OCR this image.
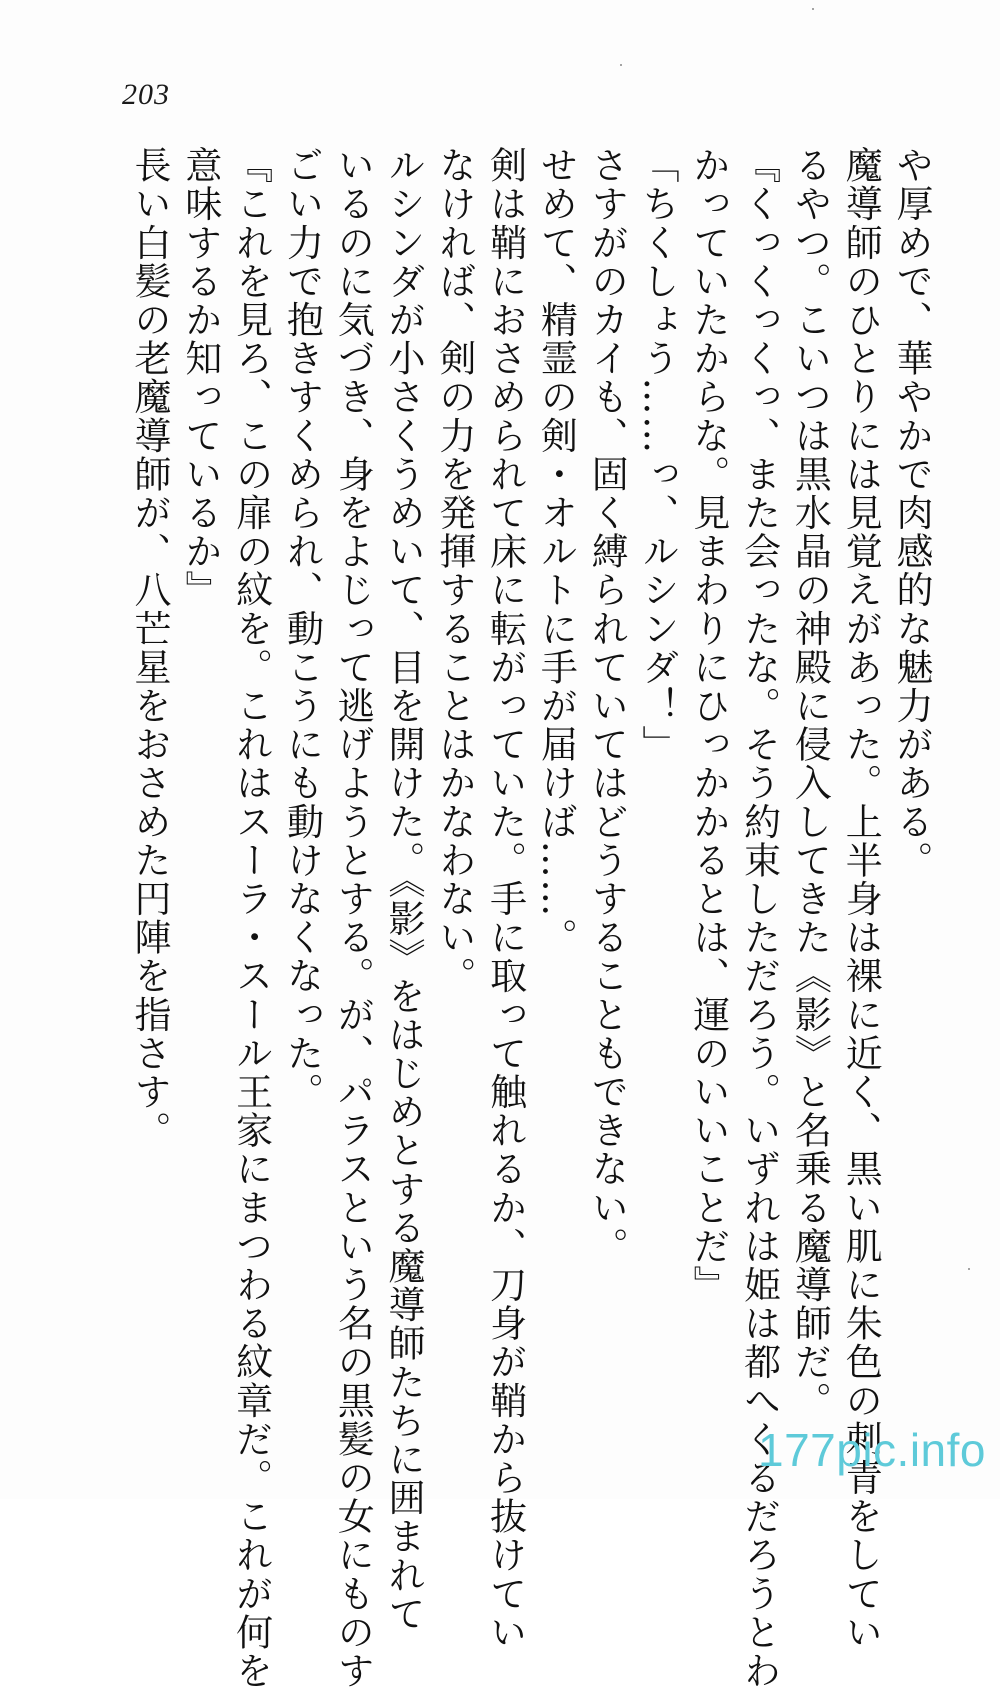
203
や厚めで、華やかで肉感的な魅力がある。
魔導師のひとりには見覚えがあった。上半身は裸に近く、黒い肌に朱色の刺青をしてい
るやつ。こいつは黒水晶の神殿に侵入してきた《影》と名乗る魔導師だ。
『くっくっくっ、また会ったな。そう約束しただろう。いずれは姫は都へくるだろうとわ
かっていたからな。見まわりにひっかかるとは、運のいいことだ』
「ちくしょう……っ、ルシンダ！」
さすがのカイも、固く縛られていてはどうすることもできない。
せめて、精霊の剣・オルトに手が届けば……。
剣は鞘におさめられて床に転がっていた。手に取って触れるか、刀身が鞘から抜けてい
なければ、剣の力を発揮することはかなわない。
ルシンダが小さくうめいて、目を開けた。《影》をはじめとする魔導師たちに囲まれて
いるのに気づき、身をよじって逃げようとする。が、パラスという名の黒髪の女にものす
ごい力で抱きすくめられ、動こうにも動けなくなった。
『これを見ろ、この扉の紋を。これはスーラ・スール王家にまつわる紋章だ。これが何を
意味するか知っているか』
長い白髪の老魔導師が、八芒星をおさめた円陣を指さす。
177pic.info
